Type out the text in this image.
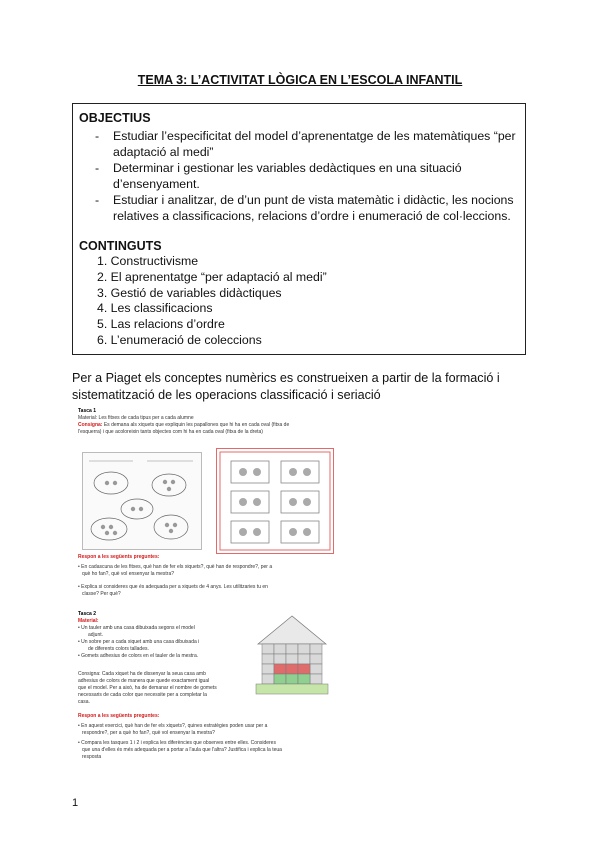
TEMA 3: L’ACTIVITAT LÒGICA EN L’ESCOLA INFANTIL
OBJECTIUS
- Estudiar l’especificitat del model d’aprenentatge de les matemàtiques “per
adaptació al medi”
- Determinar i gestionar les variables dedàctiques en una situació
d’ensenyament.
- Estudiar i analitzar, de d’un punt de vista matemàtic i didàctic, les nocions
relatives a classificacions, relacions d’ordre i enumeració de col·leccions.
CONTINGUTS
1. Constructivisme
2. El aprenentatge “per adaptació al medi”
3. Gestió de variables didàctiques
4. Les classificacions
5. Las relacions d’ordre
6. L’enumeració de coleccions
Per a Piaget els conceptes numèrics es construeixen a partir de la formació i
sistematització de les operacions classificació i seriació
Tasca 1
Material: Les fitxes de cada tipus per a cada alumne
Consigna: Es demana als xiquets que expliquin les papallones que hi ha en cada oval (fitxa de
l'esquerra) i que acoloreixin tants objectes com hi ha en cada oval (fitxa de la dreta)
Respon a les següents preguntes:
• En cadascuna de les fitxes, què han de fer els xiquets?, què han de respondre?, per a
què ho fan?, què vol ensenyar la mestra?
• Explica si consideres que és adequada per a xiquets de 4 anys. Les utilitzaries tu en
classe? Per què?
Tasca 2
Material:
• Un tauler amb una casa dibuixada segons el model
adjunt.
• Un sobre per a cada xiquet amb una casa dibuixada i
de diferents colors tallades.
• Gomets adhesius de colors en el tauler de la mestra.
Consigna: Cada xiquet ha de dissenyar la seua casa amb
adhesius de colors de manera que quede exactament igual
que el model. Per a això, ha de demanar el nombre de gomets
necessaris de cada color que necessite per a completar la
casa.
Respon a les següents preguntes:
• En aquest exercici, què han de fer els xiquets?, quines estratègies poden usar per a
respondre?, per a què ho fan?, què vol ensenyar la mestra?
• Compara les tasques 1 i 2 i explica les diferències que observes entre elles. Consideres
que una d'elles és més adequada per a portar a l'aula que l'altra? Justifica i explica la teua
resposta
1
